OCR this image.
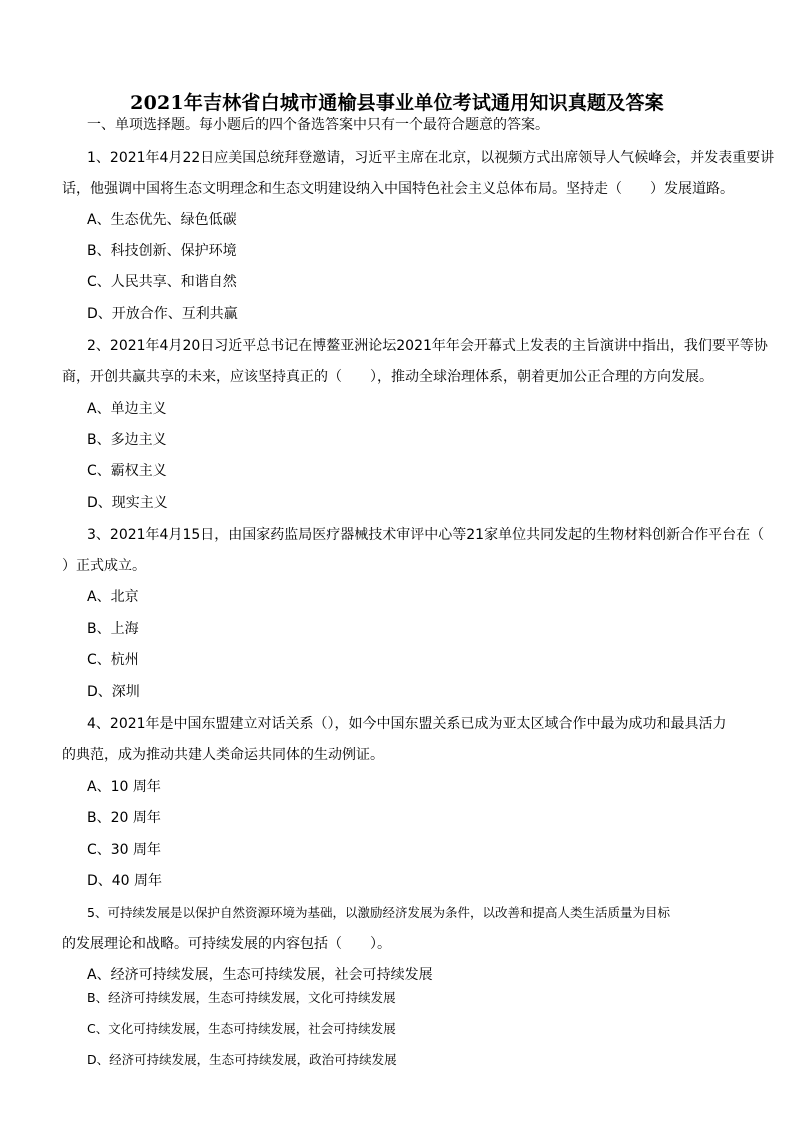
2021年吉林省白城市通榆县事业单位考试通用知识真题及答案
一、单项选择题。每小题后的四个备选答案中只有一个最符合题意的答案。
1、2021年4月22日应美国总统拜登邀请，习近平主席在北京，以视频方式出席领导人气候峰会，并发表重要讲
话，他强调中国将生态文明理念和生态文明建设纳入中国特色社会主义总体布局。坚持走（　　）发展道路。
A、生态优先、绿色低碳
B、科技创新、保护环境
C、人民共享、和谐自然
D、开放合作、互利共赢
2、2021年4月20日习近平总书记在博鳌亚洲论坛2021年年会开幕式上发表的主旨演讲中指出，我们要平等协
商，开创共赢共享的未来，应该坚持真正的（　　），推动全球治理体系，朝着更加公正合理的方向发展。
A、单边主义
B、多边主义
C、霸权主义
D、现实主义
3、2021年4月15日，由国家药监局医疗器械技术审评中心等21家单位共同发起的生物材料创新合作平台在（
）正式成立。
A、北京
B、上海
C、杭州
D、深圳
4、2021年是中国东盟建立对话关系（），如今中国东盟关系已成为亚太区域合作中最为成功和最具活力
的典范，成为推动共建人类命运共同体的生动例证。
A、10 周年
B、20 周年
C、30 周年
D、40 周年
5、可持续发展是以保护自然资源环境为基础，以激励经济发展为条件，以改善和提高人类生活质量为目标
的发展理论和战略。可持续发展的内容包括（　　）。
A、经济可持续发展，生态可持续发展，社会可持续发展
B、经济可持续发展，生态可持续发展，文化可持续发展
C、文化可持续发展，生态可持续发展，社会可持续发展
D、经济可持续发展，生态可持续发展，政治可持续发展
